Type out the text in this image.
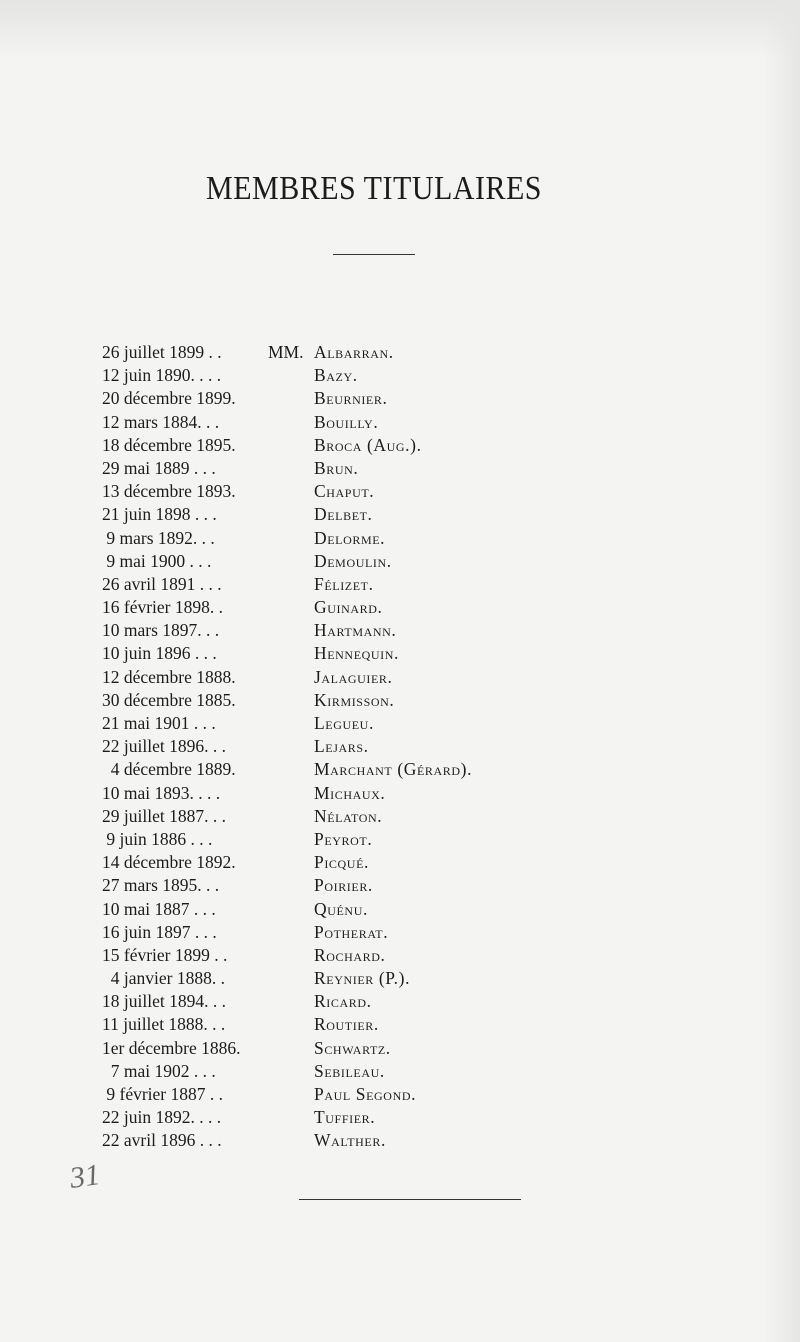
MEMBRES TITULAIRES
26 juillet 1899 . .	MM. Albarran.
12 juin 1890. . . .	Bazy.
20 décembre 1899.	Beurnier.
12 mars 1884. . .	Bouilly.
18 décembre 1895.	Broca (Aug.).
29 mai 1889 . . .	Brun.
13 décembre 1893.	Chaput.
21 juin 1898 . . .	Delbet.
9 mars 1892. . .	Delorme.
9 mai 1900 . . .	Demoulin.
26 avril 1891 . . .	Félizet.
16 février 1898. .	Guinard.
10 mars 1897. . .	Hartmann.
10 juin 1896 . . .	Hennequin.
12 décembre 1888.	Jalaguier.
30 décembre 1885.	Kirmisson.
21 mai 1901 . . .	Legueu.
22 juillet 1896. . .	Lejars.
4 décembre 1889.	Marchant (Gérard).
10 mai 1893. . . .	Michaux.
29 juillet 1887. . .	Nélaton.
9 juin 1886 . . .	Peyrot.
14 décembre 1892.	Picqué.
27 mars 1895. . .	Poirier.
10 mai 1887 . . .	Quénu.
16 juin 1897 . . .	Potherat.
15 février 1899 . .	Rochard.
4 janvier 1888. .	Reynier (P.).
18 juillet 1894. . .	Ricard.
11 juillet 1888. . .	Routier.
1er décembre 1886.	Schwartz.
7 mai 1902 . . .	Sebileau.
9 février 1887 . .	Paul Segond.
22 juin 1892. . . .	Tuffier.
22 avril 1896 . . .	Walther.
31
